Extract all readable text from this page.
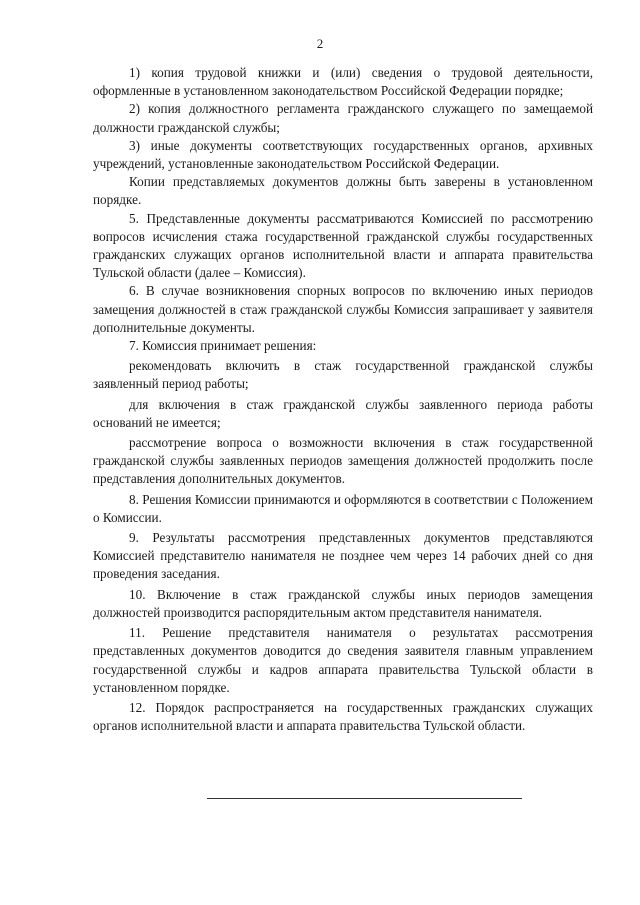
2

1) копия трудовой книжки и (или) сведения о трудовой деятельности, оформленные в установленном законодательством Российской Федерации порядке;

2) копия должностного регламента гражданского служащего по замещаемой должности гражданской службы;

3) иные документы соответствующих государственных органов, архивных учреждений, установленные законодательством Российской Федерации.

Копии представляемых документов должны быть заверены в установленном порядке.

5. Представленные документы рассматриваются Комиссией по рассмотрению вопросов исчисления стажа государственной гражданской службы государственных гражданских служащих органов исполнительной власти и аппарата правительства Тульской области (далее – Комиссия).

6. В случае возникновения спорных вопросов по включению иных периодов замещения должностей в стаж гражданской службы Комиссия запрашивает у заявителя дополнительные документы.

7. Комиссия принимает решения:

рекомендовать включить в стаж государственной гражданской службы заявленный период работы;

для включения в стаж гражданской службы заявленного периода работы оснований не имеется;

рассмотрение вопроса о возможности включения в стаж государственной гражданской службы заявленных периодов замещения должностей продолжить после представления дополнительных документов.

8. Решения Комиссии принимаются и оформляются в соответствии с Положением о Комиссии.

9. Результаты рассмотрения представленных документов представляются Комиссией представителю нанимателя не позднее чем через 14 рабочих дней со дня проведения заседания.

10. Включение в стаж гражданской службы иных периодов замещения должностей производится распорядительным актом представителя нанимателя.

11. Решение представителя нанимателя о результатах рассмотрения представленных документов доводится до сведения заявителя главным управлением государственной службы и кадров аппарата правительства Тульской области в установленном порядке.

12. Порядок распространяется на государственных гражданских служащих органов исполнительной власти и аппарата правительства Тульской области.
